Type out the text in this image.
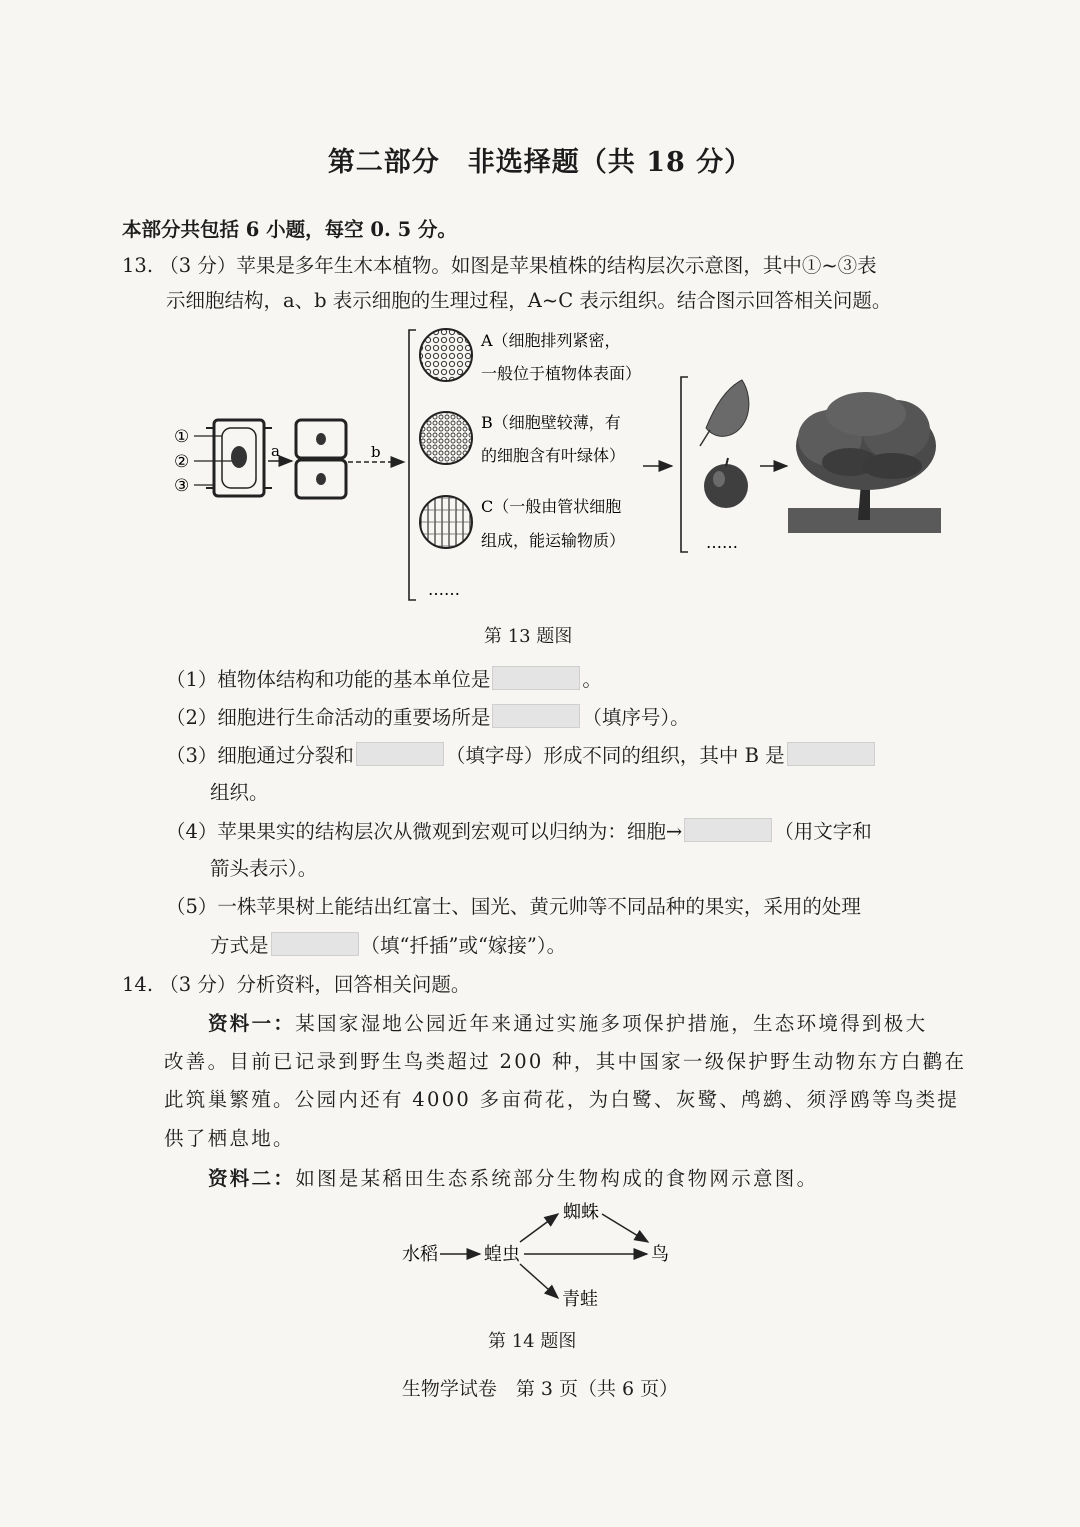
第二部分　非选择题（共 18 分）
本部分共包括 6 小题，每空 0. 5 分。
13. （3 分）苹果是多年生木本植物。如图是苹果植株的结构层次示意图，其中①~③表
示细胞结构，a、b 表示细胞的生理过程，A~C 表示组织。结合图示回答相关问题。
①
②
③
a	b
A（细胞排列紧密，
一般位于植物体表面）
B（细胞壁较薄，有
的细胞含有叶绿体）
C（一般由管状细胞
组成，能运输物质）
……
……
第 13 题图
（1）植物体结构和功能的基本单位是	。
（2）细胞进行生命活动的重要场所是	（填序号）。
（3）细胞通过分裂和	（填字母）形成不同的组织，其中 B 是
组织。
（4）苹果果实的结构层次从微观到宏观可以归纳为：细胞→	（用文字和
箭头表示）。
（5）一株苹果树上能结出红富士、国光、黄元帅等不同品种的果实，采用的处理
方式是	（填“扦插”或“嫁接”）。
14. （3 分）分析资料，回答相关问题。
资料一：某国家湿地公园近年来通过实施多项保护措施，生态环境得到极大
改善。目前已记录到野生鸟类超过 200 种，其中国家一级保护野生动物东方白鹳在
此筑巢繁殖。公园内还有 4000 多亩荷花，为白鹭、灰鹭、鸬鹚、须浮鸥等鸟类提
供了栖息地。
资料二：如图是某稻田生态系统部分生物构成的食物网示意图。
水稻	蝗虫
蜘蛛
鸟
青蛙
第 14 题图
生物学试卷　第 3 页（共 6 页）
